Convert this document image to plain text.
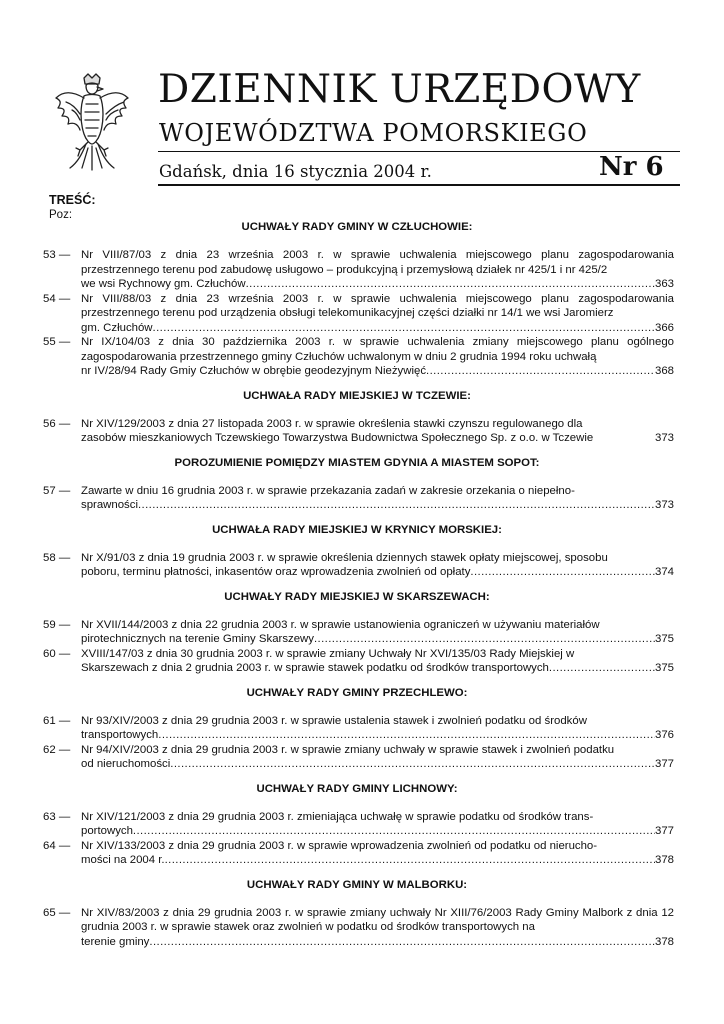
DZIENNIK URZĘDOWY
WOJEWÓDZTWA POMORSKIEGO
Gdańsk, dnia 16 stycznia 2004 r.	Nr 6
TREŚĆ:
Poz:
UCHWAŁY RADY GMINY W CZŁUCHOWIE:
53 — Nr VIII/87/03 z dnia 23 września 2003 r. w sprawie uchwalenia miejscowego planu zagospodarowania przestrzennego terenu pod zabudowę usługowo – produkcyjną i przemysłową działek nr 425/1 i nr 425/2
we wsi Rychnowy gm. Człuchów .....	363
54 — Nr VIII/88/03 z dnia 23 września 2003 r. w sprawie uchwalenia miejscowego planu zagospodarowania przestrzennego terenu pod urządzenia obsługi telekomunikacyjnej części działki nr 14/1 we wsi Jaromierz
gm. Człuchów .....	366
55 — Nr IX/104/03 z dnia 30 października 2003 r. w sprawie uchwalenia zmiany miejscowego planu ogólnego zagospodarowania przestrzennego gminy Człuchów uchwalonym w dniu 2 grudnia 1994 roku uchwałą
nr IV/28/94 Rady Gmiy Człuchów w obrębie geodezyjnym Nieżywięć .....	368
UCHWAŁA RADY MIEJSKIEJ W TCZEWIE:
56 — Nr XIV/129/2003 z dnia 27 listopada 2003 r. w sprawie określenia stawki czynszu regulowanego dla
zasobów mieszkaniowych Tczewskiego Towarzystwa Budownictwa Społecznego Sp. z o.o. w Tczewie	373
POROZUMIENIE POMIĘDZY MIASTEM GDYNIA A MIASTEM SOPOT:
57 — Zawarte w dniu 16 grudnia 2003 r. w sprawie przekazania zadań w zakresie orzekania o niepełno-
sprawności .....	373
UCHWAŁA RADY MIEJSKIEJ W KRYNICY MORSKIEJ:
58 — Nr X/91/03 z dnia 19 grudnia 2003 r. w sprawie określenia dziennych stawek opłaty miejscowej, sposobu
poboru, terminu płatności, inkasentów oraz wprowadzenia zwolnień od opłaty .....	374
UCHWAŁY RADY MIEJSKIEJ W SKARSZEWACH:
59 — Nr XVII/144/2003 z dnia 22 grudnia 2003 r. w sprawie ustanowienia ograniczeń w używaniu materiałów
pirotechnicznych na terenie Gminy Skarszewy .....	375
60 — XVIII/147/03 z dnia 30 grudnia 2003 r. w sprawie zmiany Uchwały Nr XVI/135/03 Rady Miejskiej w
Skarszewach z dnia 2 grudnia 2003 r. w sprawie stawek podatku od środków transportowych .....	375
UCHWAŁY RADY GMINY PRZECHLEWO:
61 — Nr 93/XIV/2003 z dnia 29 grudnia 2003 r. w sprawie ustalenia stawek i zwolnień podatku od środków
transportowych .....	376
62 — Nr 94/XIV/2003 z dnia 29 grudnia 2003 r. w sprawie zmiany uchwały w sprawie stawek i zwolnień podatku
od nieruchomości .....	377
UCHWAŁY RADY GMINY LICHNOWY:
63 — Nr XIV/121/2003 z dnia 29 grudnia 2003 r. zmieniająca uchwałę w sprawie podatku od środków trans-
portowych .....	377
64 — Nr XIV/133/2003 z dnia 29 grudnia 2003 r. w sprawie wprowadzenia zwolnień od podatku od nierucho-
mości na 2004 r. .....	378
UCHWAŁY RADY GMINY W MALBORKU:
65 — Nr XIV/83/2003 z dnia 29 grudnia 2003 r. w sprawie zmiany uchwały Nr XIII/76/2003 Rady Gminy Malbork z dnia 12 grudnia 2003 r. w sprawie stawek oraz zwolnień w podatku od środków transportowych na
terenie gminy .....	378
